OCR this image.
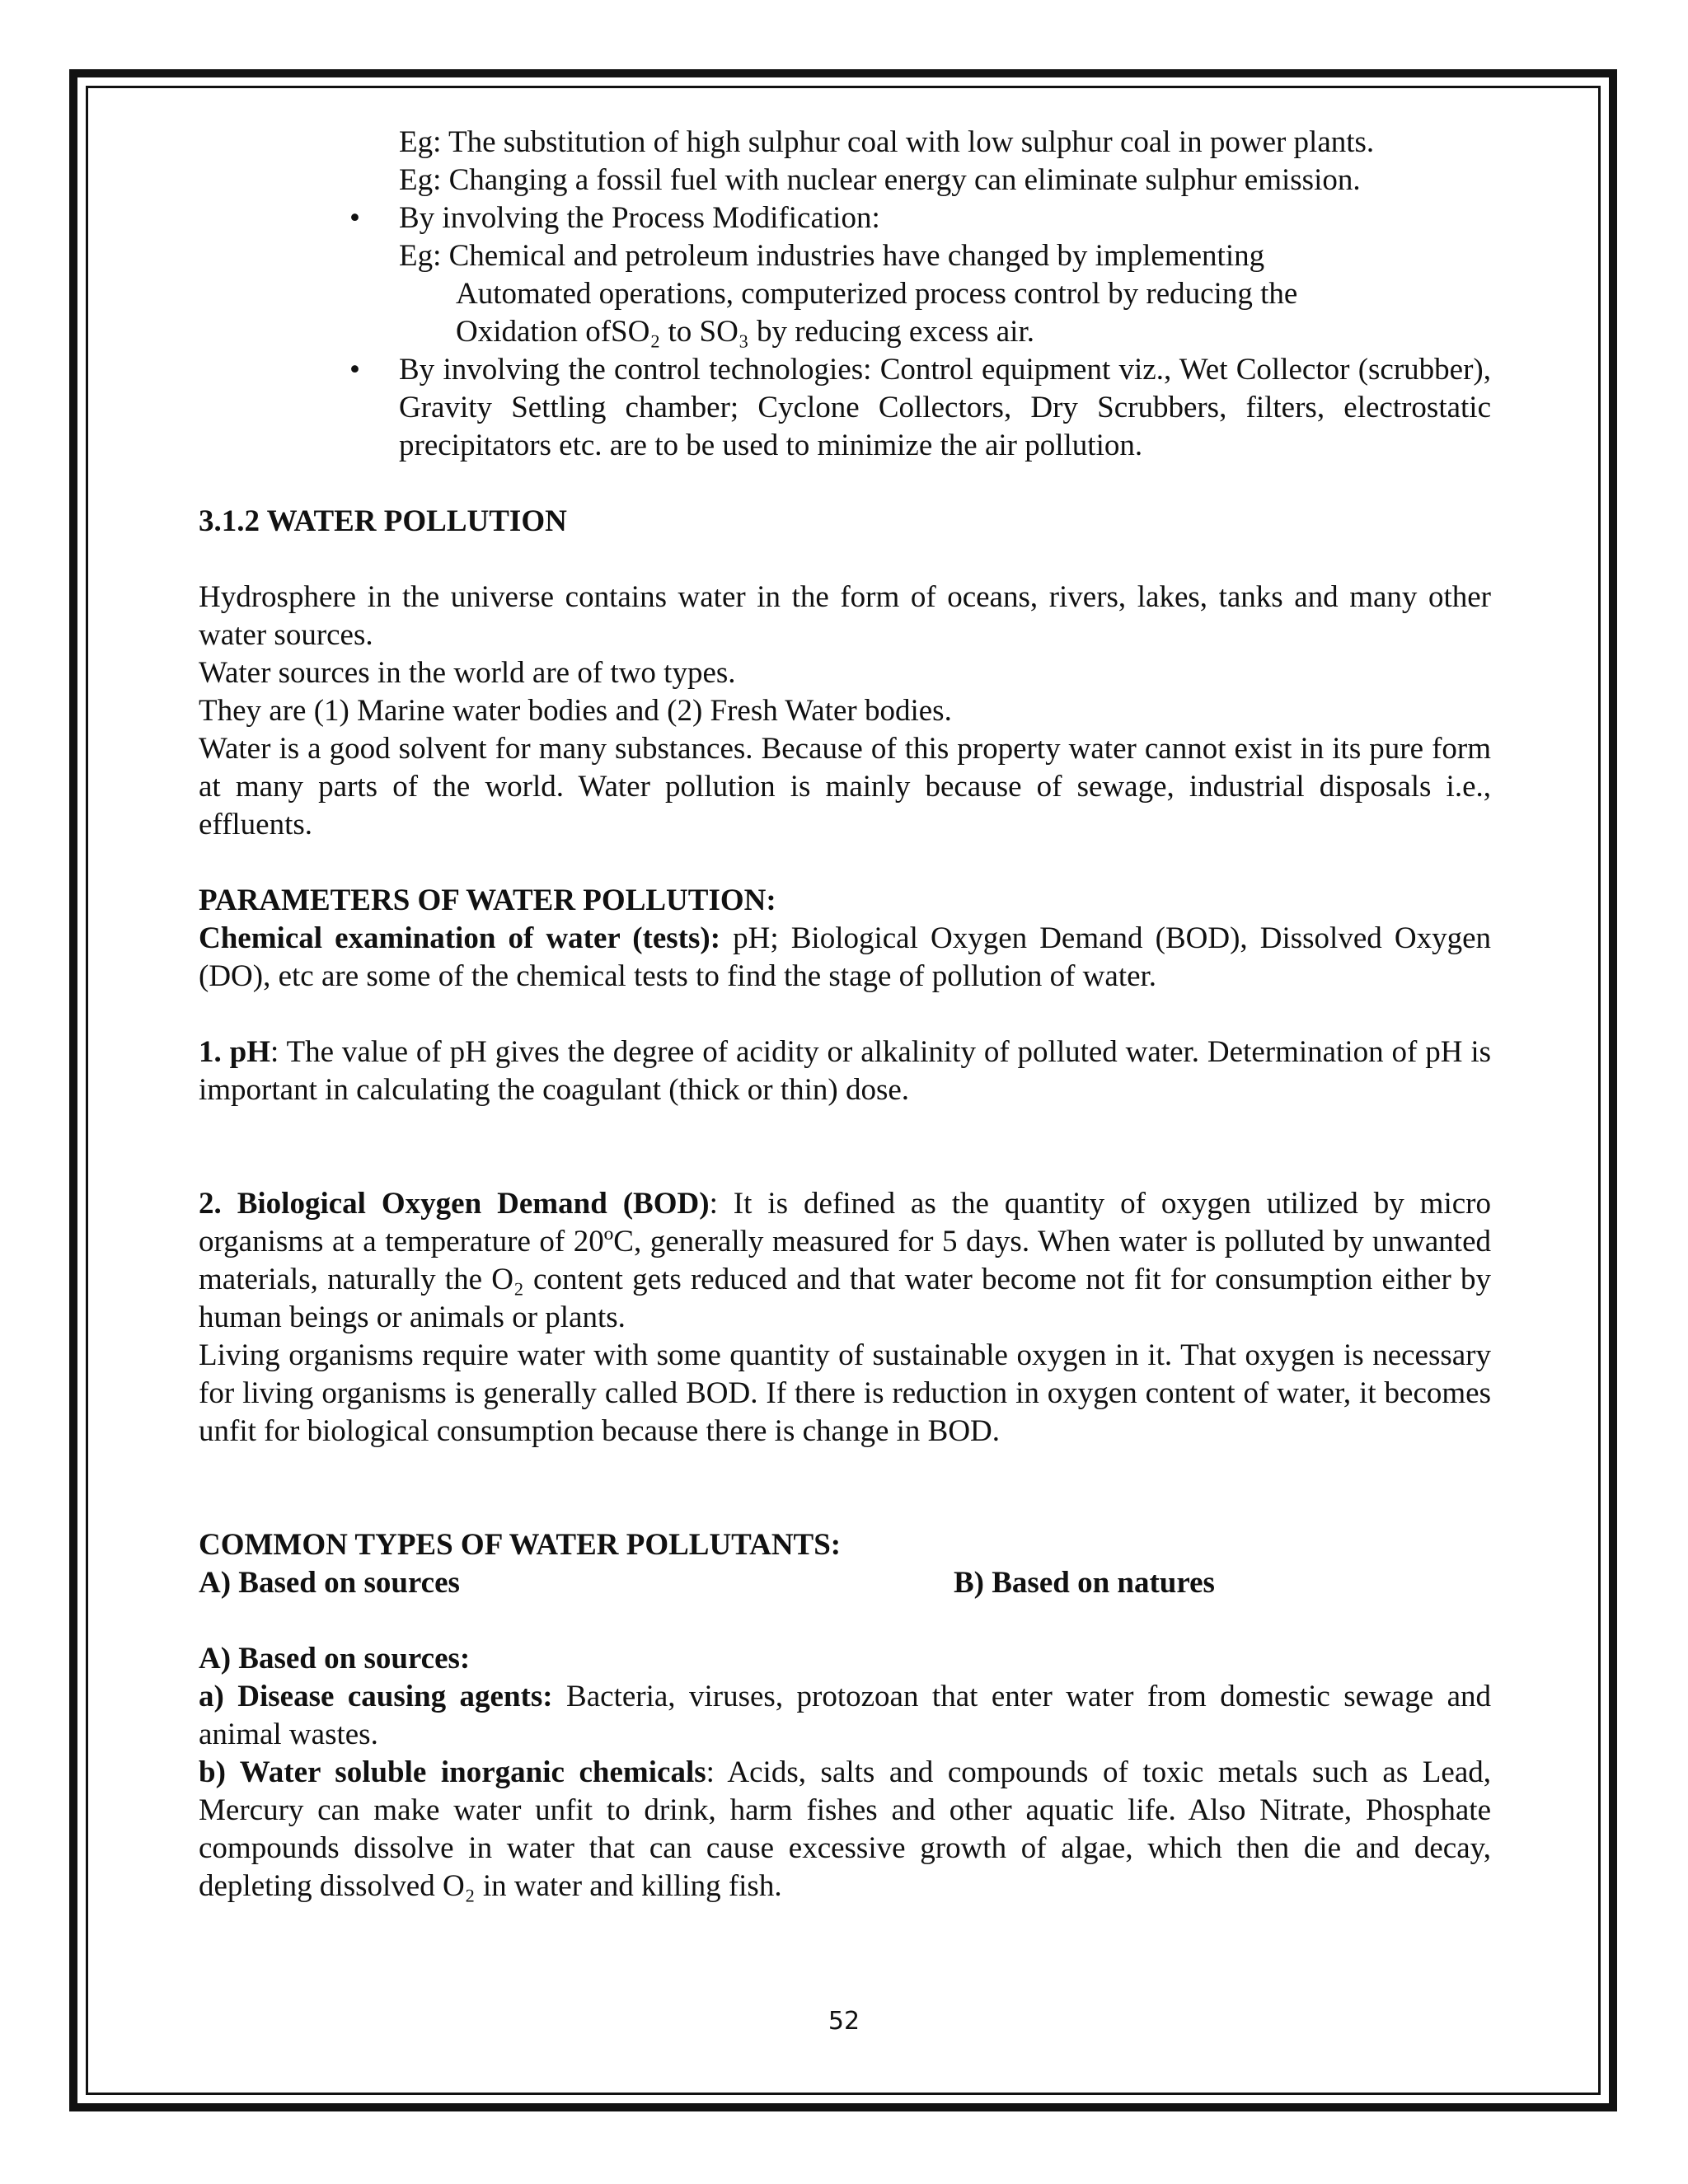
Eg: The substitution of high sulphur coal with low sulphur coal in power plants.

Eg: Changing a fossil fuel with nuclear energy can eliminate sulphur emission.

• By involving the Process Modification:

Eg: Chemical and petroleum industries have changed by implementing

Automated operations, computerized process control by reducing the

Oxidation ofSO₂ to SO₃ by reducing excess air.

• By involving the control technologies: Control equipment viz., Wet Collector (scrubber), Gravity Settling chamber; Cyclone Collectors, Dry Scrubbers, filters, electrostatic precipitators etc. are to be used to minimize the air pollution.

3.1.2 WATER POLLUTION

Hydrosphere in the universe contains water in the form of oceans, rivers, lakes, tanks and many other water sources.

Water sources in the world are of two types.

They are (1) Marine water bodies and (2) Fresh Water bodies.

Water is a good solvent for many substances. Because of this property water cannot exist in its pure form at many parts of the world. Water pollution is mainly because of sewage, industrial disposals i.e., effluents.

PARAMETERS OF WATER POLLUTION:

Chemical examination of water (tests): pH; Biological Oxygen Demand (BOD), Dissolved Oxygen (DO), etc are some of the chemical tests to find the stage of pollution of water.

1. pH: The value of pH gives the degree of acidity or alkalinity of polluted water. Determination of pH is important in calculating the coagulant (thick or thin) dose.

2. Biological Oxygen Demand (BOD): It is defined as the quantity of oxygen utilized by micro organisms at a temperature of 20ºC, generally measured for 5 days. When water is polluted by unwanted materials, naturally the O₂ content gets reduced and that water become not fit for consumption either by human beings or animals or plants.

Living organisms require water with some quantity of sustainable oxygen in it. That oxygen is necessary for living organisms is generally called BOD. If there is reduction in oxygen content of water, it becomes unfit for biological consumption because there is change in BOD.

COMMON TYPES OF WATER POLLUTANTS:

A) Based on sources	B) Based on natures

A) Based on sources:

a) Disease causing agents: Bacteria, viruses, protozoan that enter water from domestic sewage and animal wastes.

b) Water soluble inorganic chemicals: Acids, salts and compounds of toxic metals such as Lead, Mercury can make water unfit to drink, harm fishes and other aquatic life. Also Nitrate, Phosphate compounds dissolve in water that can cause excessive growth of algae, which then die and decay, depleting dissolved O₂ in water and killing fish.

52
